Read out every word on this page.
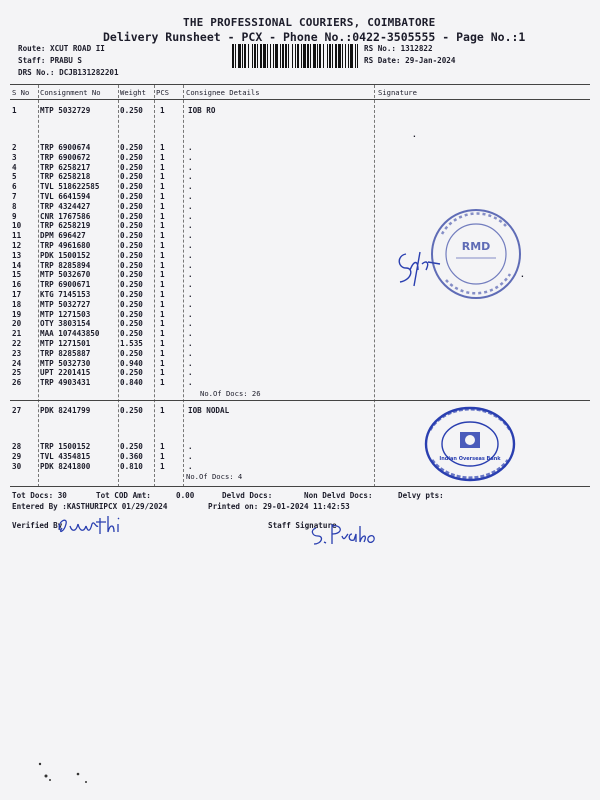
THE PROFESSIONAL COURIERS, COIMBATORE
Delivery Runsheet - PCX - Phone No.:0422-3505555 - Page No.:1
Route: XCUT ROAD II
Staff: PRABU S
DRS No.: DCJB131282201
RS No.: 1312822
RS Date: 29-Jan-2024
S No Consignment No	Weight PCS Consignee Details	Signature
IOB RO
1	MTP 5032729	0.250 1
2	TRP 6900674	0.250 1	.
3	TRP 6900672	0.250 1	.
4	TRP 6258217	0.250 1	.
5	TRP 6258218	0.250 1	.
6	TVL 518622585	0.250 1	.
7	TVL 6641594	0.250 1	.
8	TRP 4324427	0.250 1	.
9	CNR 1767586	0.250 1	.
10 TRP 6258219	0.250 1	.
11 DPM 696427	0.250 1	.
12 TRP 4961680	0.250 1	.
13 PDK 1500152	0.250 1	.
14 TRP 8285894	0.250 1	.
15 MTP 5032670	0.250 1	.
16 TRP 6900671	0.250 1	.
17 KTG 7145153	0.250 1	.
18 MTP 5032727	0.250 1	.
19 MTP 1271503	0.250 1	.
20 OTY 3803154	0.250 1	.
21 MAA 107443850	0.250 1	.
22 MTP 1271501	1.535 1	.
23 TRP 8285887	0.250 1	.
24 MTP 5032730	0.940 1	.
25 UPT 2201415	0.250 1	.
26 TRP 4903431	0.840 1	.
No.Of Docs: 26
IOB NODAL
27 PDK 8241799	0.250 1
28 TRP 1500152	0.250 1	.
29 TVL 4354815	0.360 1	.
30 PDK 8241800	0.810 1	.
No.Of Docs: 4
Tot Docs: 30	Tot COD Amt:	0.00	Delvd Docs:	Non Delvd Docs:	Delvy pts:
Entered By :KASTHURIPCX 01/29/2024	Printed on: 29-01-2024 11:42:53
Verified By	Staff Signature
RMD
Indian Overseas Bank
·
·
